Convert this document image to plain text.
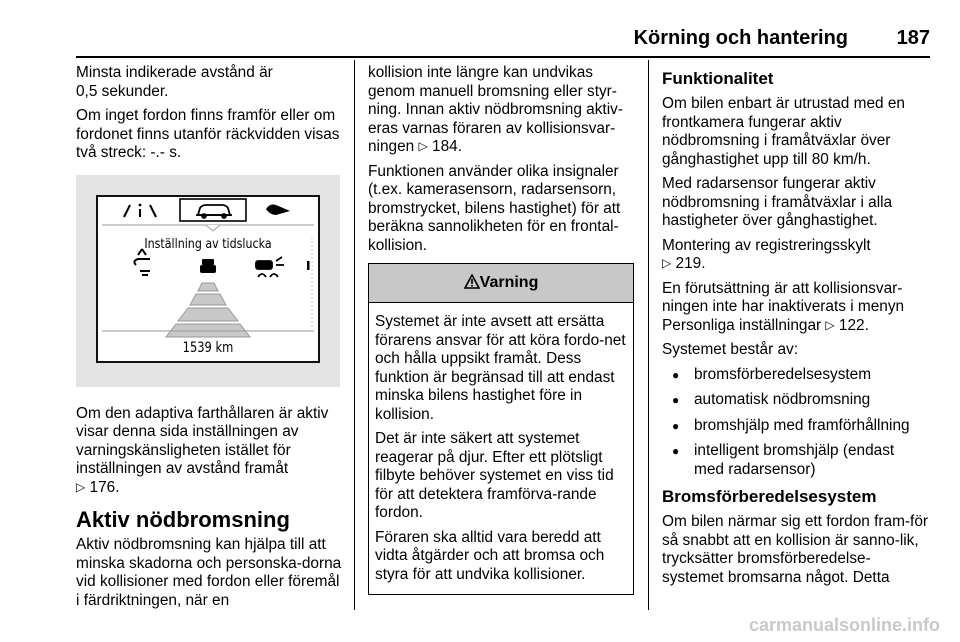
Körning och hantering 187

Minsta indikerade avstånd är
0,5 sekunder.

Om inget fordon finns framför eller om fordonet finns utanför räckvidden visas två streck: -.- s.

Inställning av tidslucka
1539 km

Om den adaptiva farthållaren är aktiv visar denna sida inställningen av varningskänsligheten istället för inställningen av avstånd framåt
▷ 176.

Aktiv nödbromsning

Aktiv nödbromsning kan hjälpa till att minska skadorna och personska-dorna vid kollisioner med fordon eller föremål i färdriktningen, när en

kollision inte längre kan undvikas genom manuell bromsning eller styr-ning. Innan aktiv nödbromsning aktiv-eras varnas föraren av kollisionsvar-ningen ▷ 184.

Funktionen använder olika insignaler (t.ex. kamerasensorn, radarsensorn, bromstrycket, bilens hastighet) för att beräkna sannolikheten för en frontal-kollision.

Varning

Systemet är inte avsett att ersätta förarens ansvar för att köra fordo-net och hålla uppsikt framåt. Dess funktion är begränsad till att endast minska bilens hastighet före in kollision.

Det är inte säkert att systemet reagerar på djur. Efter ett plötsligt filbyte behöver systemet en viss tid för att detektera framförva-rande fordon.

Föraren ska alltid vara beredd att vidta åtgärder och att bromsa och styra för att undvika kollisioner.

Funktionalitet

Om bilen enbart är utrustad med en frontkamera fungerar aktiv nödbromsning i framåtväxlar över gånghastighet upp till 80 km/h.

Med radarsensor fungerar aktiv nödbromsning i framåtväxlar i alla hastigheter över gånghastighet.

Montering av registreringsskylt
▷ 219.

En förutsättning är att kollisionsvar-ningen inte har inaktiverats i menyn Personliga inställningar ▷ 122.

Systemet består av:

● bromsförberedelsesystem
● automatisk nödbromsning
● bromshjälp med framförhållning
● intelligent bromshjälp (endast
med radarsensor)
Bromsförberedelsesystem

Om bilen närmar sig ett fordon fram-för så snabbt att en kollision är sanno-lik, trycksätter bromsförberedelse-systemet bromsarna något. Detta

carmanualsonline.info
